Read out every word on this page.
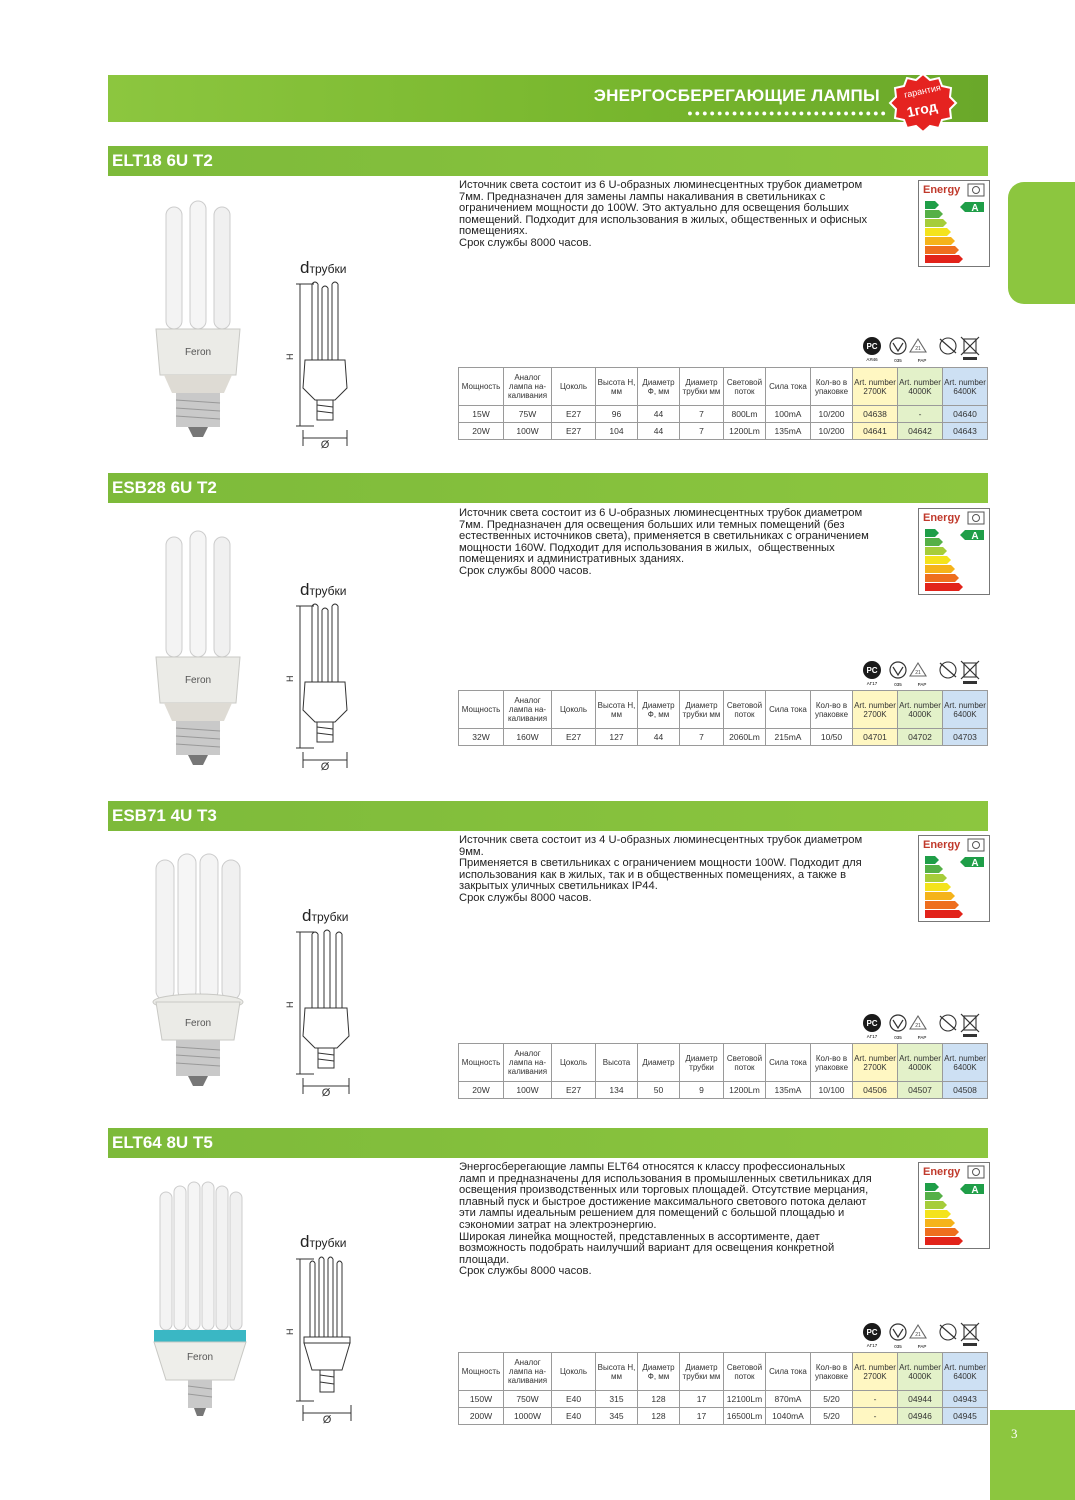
ЭНЕРГОСБЕРЕГАЮЩИЕ ЛАМПЫ
●●●●●●●●●●●●●●●●●●●●●●●●●●●
гарантия
1год
ELT18 6U T2

Источник света состоит из 6 U-образных люминесцентных трубок диаметром
7мм. Предназначен для замены лампы накаливания в светильниках с
ограничением мощности до 100W. Это актуально для освещения больших
помещений. Подходит для использования в жилых, общественных и офисных
помещениях.
Срок службы 8000 часов.

Energy
A
PC
АЯ46	035
21
PAP
Мощность	Аналог лампа на-каливания	Цоколь	Высота Н, мм	Диаметр Ф, мм	Диаметр трубки мм	Световой поток	Сила тока	Кол-во в упаковке	Art. number 2700K	Art. number 4000K	Art. number 6400K
15W	75W	E27	96	44	7	800Lm	100mA	10/200	04638	-	04640
20W	100W	E27	104	44	7	1200Lm	135mA	10/200	04641	04642	04643
Feron	H
Ø
dтрубки
ESB28 6U T2

Источник света состоит из 6 U-образных люминесцентных трубок диаметром
7мм. Предназначен для освещения больших или темных помещений (без
естественных источников света), применяется в светильниках с ограничением
мощности 160W. Подходит для использования в жилых,  общественных
помещениях и административных зданиях.
Срок службы 8000 часов.

Energy
A
PC
АГ17	035
21
PAP
Мощность	Аналог лампа на-каливания	Цоколь	Высота Н, мм	Диаметр Ф, мм	Диаметр трубки мм	Световой поток	Сила тока	Кол-во в упаковке	Art. number 2700K	Art. number 4000K	Art. number 6400K
32W	160W	E27	127	44	7	2060Lm	215mA	10/50	04701	04702	04703
Feron	H
Ø
dтрубки
ESB71 4U T3

Источник света состоит из 4 U-образных люминесцентных трубок диаметром
9мм.
Применяется в светильниках с ограничением мощности 100W. Подходит для
использования как в жилых, так и в общественных помещениях, а также в
закрытых уличных светильниках IP44.
Срок службы 8000 часов.

Energy
A
PC
АГ17	035
21
PAP
Мощность	Аналог лампа на-каливания	Цоколь	Высота	Диаметр	Диаметр трубки	Световой поток	Сила тока	Кол-во в упаковке	Art. number 2700K	Art. number 4000K	Art. number 6400K
20W	100W	E27	134	50	9	1200Lm	135mA	10/100	04506	04507	04508
Feron
H
Ø
dтрубки
ELT64 8U T5

Энергосберегающие лампы ELT64 относятся к классу профессиональных
ламп и предназначены для использования в промышленных светильниках для
освещения производственных или торговых площадей. Отсутствие мерцания,
плавный пуск и быстрое достижение максимального светового потока делают
эти лампы идеальным решением для помещений с большой площадью и
сэкономии затрат на электроэнергию.
Широкая линейка мощностей, представленных в ассортименте, дает
возможность подобрать наилучший вариант для освещения конкретной
площади.
Срок службы 8000 часов.

Energy
A
PC
АГ17	035
21
PAP
Мощность	Аналог лампа на-каливания	Цоколь	Высота Н, мм	Диаметр Ф, мм	Диаметр трубки мм	Световой поток	Сила тока	Кол-во в упаковке	Art. number 2700K	Art. number 4000K	Art. number 6400K
150W	750W	E40	315	128	17	12100Lm	870mA	5/20	-	04944	04943
200W	1000W	E40	345	128	17	16500Lm	1040mA	5/20	-	04946	04945
Feron
H
Ø
dтрубки
3
